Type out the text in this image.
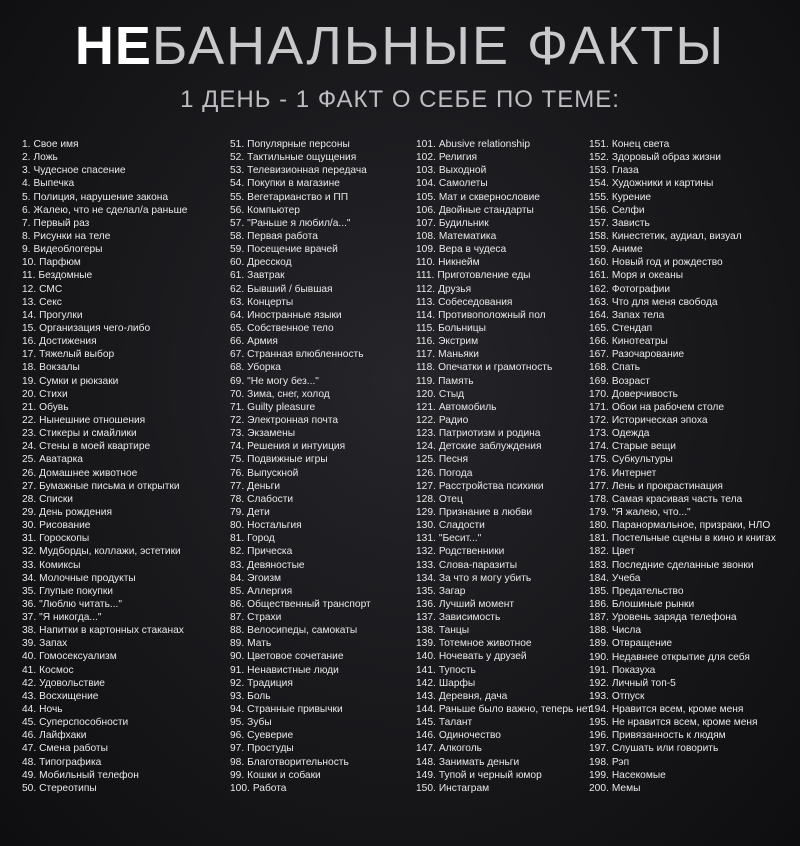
НЕБАНАЛЬНЫЕ ФАКТЫ
1 ДЕНЬ - 1 ФАКТ О СЕБЕ ПО ТЕМЕ:
1. Свое имя
2. Ложь
3. Чудесное спасение
4. Выпечка
5. Полиция, нарушение закона
6. Жалею, что не сделал/а раньше
7. Первый раз
8. Рисунки на теле
9. Видеоблогеры
10. Парфюм
11. Бездомные
12. СМС
13. Секс
14. Прогулки
15. Организация чего-либо
16. Достижения
17. Тяжелый выбор
18. Вокзалы
19. Сумки и рюкзаки
20. Стихи
21. Обувь
22. Нынешние отношения
23. Стикеры и смайлики
24. Стены в моей квартире
25. Аватарка
26. Домашнее животное
27. Бумажные письма и открытки
28. Списки
29. День рождения
30. Рисование
31. Гороскопы
32. Мудборды, коллажи, эстетики
33. Комиксы
34. Молочные продукты
35. Глупые покупки
36. "Люблю читать..."
37. "Я никогда..."
38. Напитки в картонных стаканах
39. Запах
40. Гомосексуализм
41. Космос
42. Удовольствие
43. Восхищение
44. Ночь
45. Суперспособности
46. Лайфхаки
47. Смена работы
48. Типографика
49. Мобильный телефон
50. Стереотипы
51. Популярные персоны
52. Тактильные ощущения
53. Телевизионная передача
54. Покупки в магазине
55. Вегетарианство и ПП
56. Компьютер
57. "Раньше я любил/а..."
58. Первая работа
59. Посещение врачей
60. Дресскод
61. Завтрак
62. Бывший / бывшая
63. Концерты
64. Иностранные языки
65. Собственное тело
66. Армия
67. Странная влюбленность
68. Уборка
69. "Не могу без..."
70. Зима, снег, холод
71. Guilty pleasure
72. Электронная почта
73. Экзамены
74. Решения и интуиция
75. Подвижные игры
76. Выпускной
77. Деньги
78. Слабости
79. Дети
80. Ностальгия
81. Город
82. Прическа
83. Девяностые
84. Эгоизм
85. Аллергия
86. Общественный транспорт
87. Страхи
88. Велосипеды, самокаты
89. Мать
90. Цветовое сочетание
91. Ненавистные люди
92. Традиция
93. Боль
94. Странные привычки
95. Зубы
96. Суеверие
97. Простуды
98. Благотворительность
99. Кошки и собаки
100. Работа
101. Abusive relationship
102. Религия
103. Выходной
104. Самолеты
105. Мат и сквернословие
106. Двойные стандарты
107. Будильник
108. Математика
109. Вера в чудеса
110. Никнейм
111. Приготовление еды
112. Друзья
113. Собеседования
114. Противоположный пол
115. Больницы
116. Экстрим
117. Маньяки
118. Опечатки и грамотность
119. Память
120. Стыд
121. Автомобиль
122. Радио
123. Патриотизм и родина
124. Детские заблуждения
125. Песня
126. Погода
127. Расстройства психики
128. Отец
129. Признание в любви
130. Сладости
131. "Бесит..."
132. Родственники
133. Слова-паразиты
134. За что я могу убить
135. Загар
136. Лучший момент
137. Зависимость
138. Танцы
139. Тотемное животное
140. Ночевать у друзей
141. Тупость
142. Шарфы
143. Деревня, дача
144. Раньше было важно, теперь нет
145. Талант
146. Одиночество
147. Алкоголь
148. Занимать деньги
149. Тупой и черный юмор
150. Инстаграм
151. Конец света
152. Здоровый образ жизни
153. Глаза
154. Художники и картины
155. Курение
156. Селфи
157. Зависть
158. Кинестетик, аудиал, визуал
159. Аниме
160. Новый год и рождество
161. Моря и океаны
162. Фотографии
163. Что для меня свобода
164. Запах тела
165. Стендап
166. Кинотеатры
167. Разочарование
168. Спать
169. Возраст
170. Доверчивость
171. Обои на рабочем столе
172. Историческая эпоха
173. Одежда
174. Старые вещи
175. Субкультуры
176. Интернет
177. Лень и прокрастинация
178. Самая красивая часть тела
179. "Я жалею, что..."
180. Паранормальное, призраки, НЛО
181. Постельные сцены в кино и книгах
182. Цвет
183. Последние сделанные звонки
184. Учеба
185. Предательство
186. Блошиные рынки
187. Уровень заряда телефона
188. Числа
189. Отвращение
190. Недавнее открытие для себя
191. Показуха
192. Личный топ-5
193. Отпуск
194. Нравится всем, кроме меня
195. Не нравится всем, кроме меня
196. Привязанность к людям
197. Слушать или говорить
198. Рэп
199. Насекомые
200. Мемы
